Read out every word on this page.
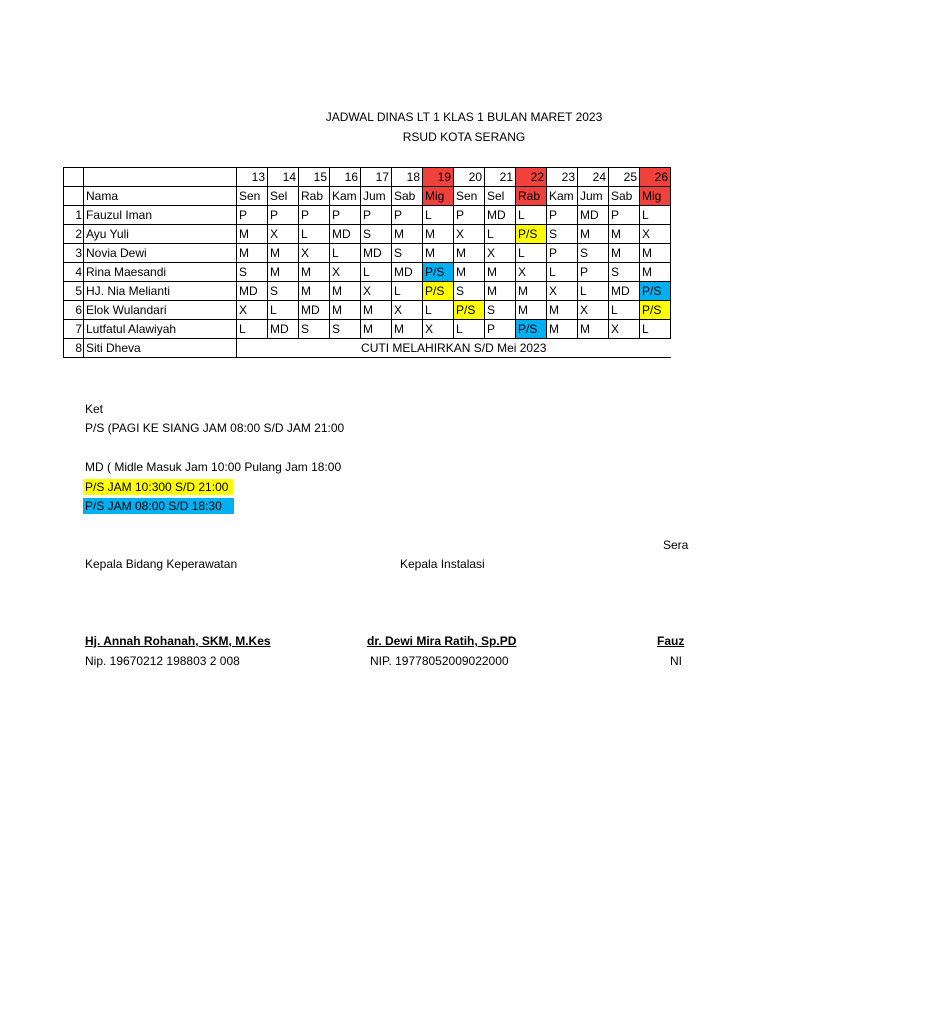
JADWAL DINAS LT 1 KLAS 1 BULAN MARET 2023
RSUD KOTA SERANG
		13	14	15	16	17	18	19	20	21	22	23	24	25	26
	Nama	Sen	Sel	Rab	Kam	Jum	Sab	Mig	Sen	Sel	Rab	Kam	Jum	Sab	Mig
1	Fauzul Iman	P	P	P	P	P	P	L	P	MD	L	P	MD	P	L
2	Ayu Yuli	M	X	L	MD	S	M	M	X	L	P/S	S	M	M	X
3	Novia Dewi	M	M	X	L	MD	S	M	M	X	L	P	S	M	M
4	Rina Maesandi	S	M	M	X	L	MD	P/S	M	M	X	L	P	S	M
5	HJ. Nia Melianti	MD	S	M	M	X	L	P/S	S	M	M	X	L	MD	P/S
6	Elok Wulandari	X	L	MD	M	M	X	L	P/S	S	M	M	X	L	P/S
7	Lutfatul Alawiyah	L	MD	S	S	M	M	X	L	P	P/S	M	M	X	L
8	Siti Dheva	CUTI MELAHIRKAN S/D Mei 2023													
Ket
P/S (PAGI KE SIANG JAM 08:00 S/D JAM 21:00
MD ( Midle Masuk Jam 10:00 Pulang Jam 18:00
P/S JAM 10:300 S/D 21:00
P/S JAM 08:00 S/D 18:30
Sera
Kepala Bidang Keperawatan	Kepala Instalasi
Hj. Annah Rohanah, SKM, M.Kes	dr. Dewi Mira Ratih, Sp.PD	Fauz
Nip. 19670212 198803 2 008	NIP. 197780520090220​00	NI
